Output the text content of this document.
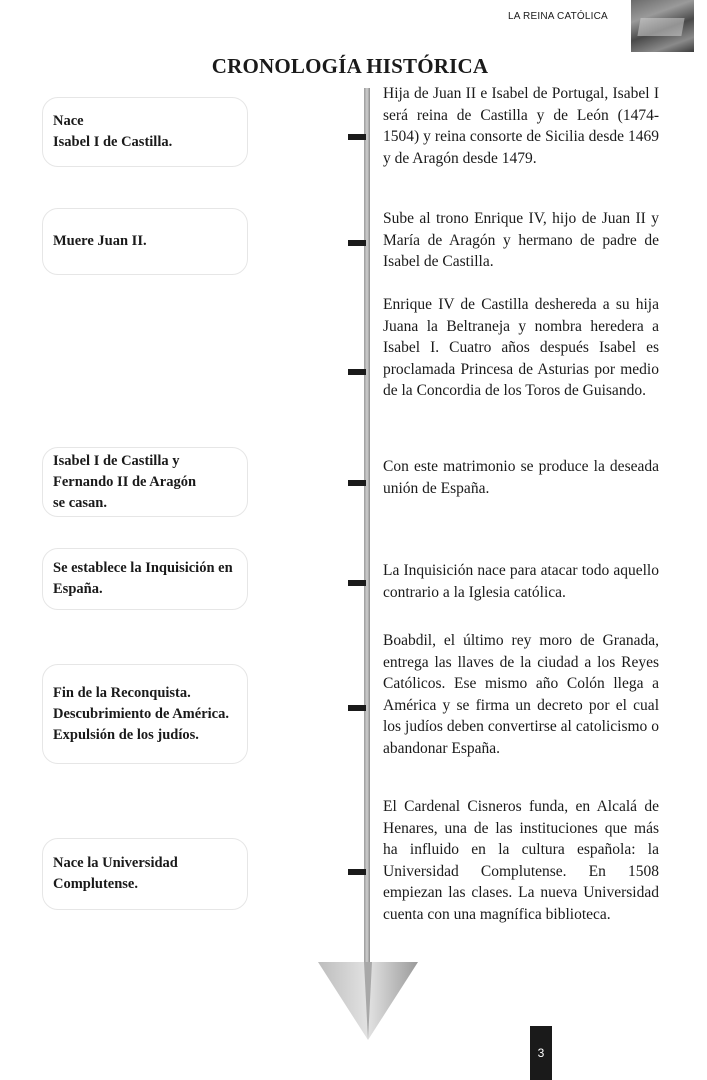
LA REINA CATÓLICA
CRONOLOGÍA HISTÓRICA
Nace
Isabel I de Castilla.
Hija de Juan II e Isabel de Portugal, Isabel I será reina de Castilla y de León (1474-1504) y reina consorte de Sicilia desde 1469 y de Aragón desde 1479.
Muere Juan II.
Sube al trono Enrique IV, hijo de Juan II y María de Aragón y hermano de padre de Isabel de Castilla.
Enrique IV de Castilla deshereda a su hija Juana la Beltraneja y nombra heredera a Isabel I. Cuatro años después Isabel es proclamada Princesa de Asturias por medio de la Concordia de los Toros de Guisando.
Isabel I de Castilla y
Fernando II de Aragón
se casan.
Con este matrimonio se produce la deseada unión de España.
Se establece la Inquisición en España.
La Inquisición nace para atacar todo aquello contrario a la Iglesia católica.
Fin de la Reconquista.
Descubrimiento de América.
Expulsión de los judíos.
Boabdil, el último rey moro de Granada, entrega las llaves de la ciudad a los Reyes Católicos. Ese mismo año Colón llega a América y se firma un decreto por el cual los judíos deben convertirse al catolicismo o abandonar España.
Nace la Universidad Complutense.
El Cardenal Cisneros funda, en Alcalá de Henares, una de las instituciones que más ha influido en la cultura española: la Universidad Complutense. En 1508 empiezan las clases. La nueva Universidad cuenta con una magnífica biblioteca.
3
